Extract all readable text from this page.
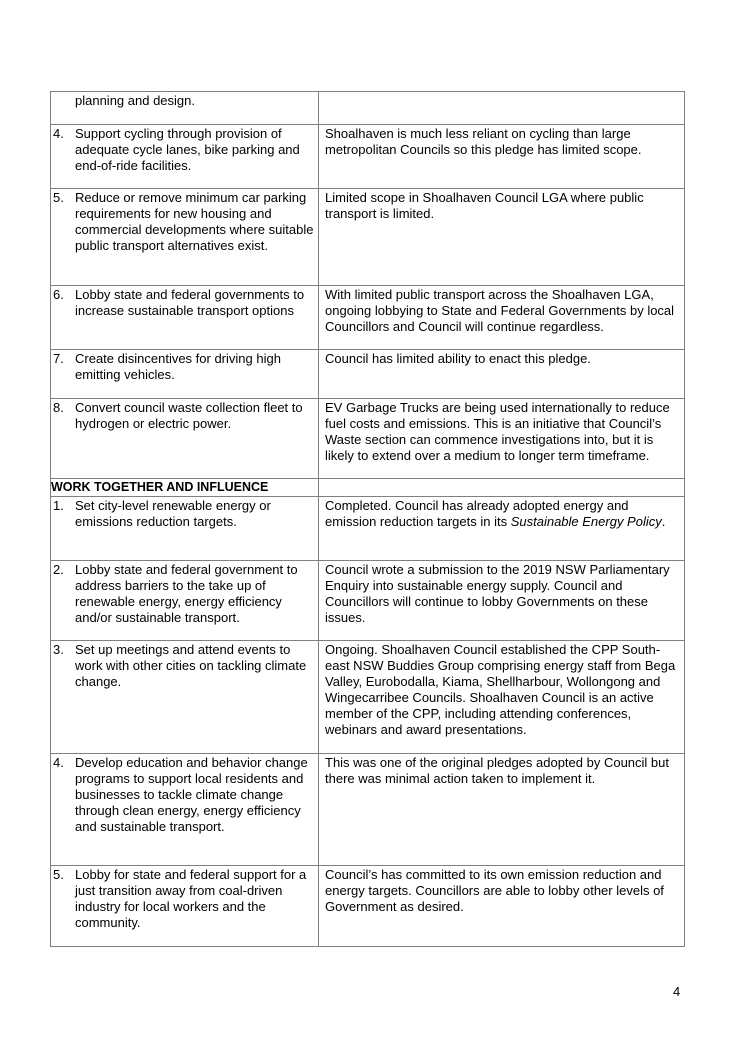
planning and design.	

4. Support cycling through provision of adequate cycle lanes, bike parking and end-of-ride facilities.	Shoalhaven is much less reliant on cycling than large metropolitan Councils so this pledge has limited scope.

5. Reduce or remove minimum car parking requirements for new housing and commercial developments where suitable public transport alternatives exist.	Limited scope in Shoalhaven Council LGA where public transport is limited.

6. Lobby state and federal governments to increase sustainable transport options	With limited public transport across the Shoalhaven LGA, ongoing lobbying to State and Federal Governments by local Councillors and Council will continue regardless.

7. Create disincentives for driving high emitting vehicles.	Council has limited ability to enact this pledge.

8. Convert council waste collection fleet to hydrogen or electric power.	EV Garbage Trucks are being used internationally to reduce fuel costs and emissions. This is an initiative that Council’s Waste section can commence investigations into, but it is likely to extend over a medium to longer term timeframe.

WORK TOGETHER AND INFLUENCE	

1. Set city-level renewable energy or emissions reduction targets.	Completed. Council has already adopted energy and emission reduction targets in its Sustainable Energy Policy.

2. Lobby state and federal government to address barriers to the take up of renewable energy, energy efficiency and/or sustainable transport.	Council wrote a submission to the 2019 NSW Parliamentary Enquiry into sustainable energy supply. Council and Councillors will continue to lobby Governments on these issues.

3. Set up meetings and attend events to work with other cities on tackling climate change.	Ongoing. Shoalhaven Council established the CPP South-east NSW Buddies Group comprising energy staff from Bega Valley, Eurobodalla, Kiama, Shellharbour, Wollongong and Wingecarribee Councils. Shoalhaven Council is an active member of the CPP, including attending conferences, webinars and award presentations.

4. Develop education and behavior change programs to support local residents and businesses to tackle climate change through clean energy, energy efficiency and sustainable transport.	This was one of the original pledges adopted by Council but there was minimal action taken to implement it.

5. Lobby for state and federal support for a just transition away from coal-driven industry for local workers and the community.	Council’s has committed to its own emission reduction and energy targets. Councillors are able to lobby other levels of Government as desired.
4
